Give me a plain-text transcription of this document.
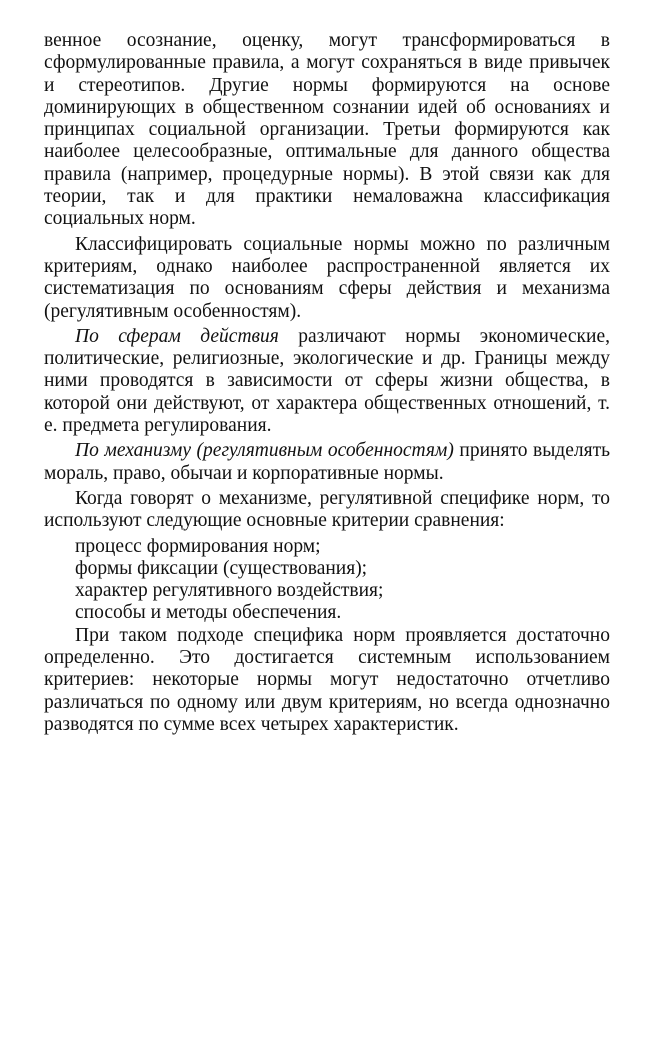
венное осознание, оценку, могут трансформироваться в сформулированные правила, а могут сохраняться в виде привычек и стереотипов. Другие нормы формируются на основе доминирующих в общественном сознании идей об основаниях и принципах социальной организации. Третьи формируются как наиболее целесообразные, оптимальные для данного общества правила (например, процедурные нормы). В этой связи как для теории, так и для практики немаловажна классификация социальных норм.

Классифицировать социальные нормы можно по различным критериям, однако наиболее распространенной является их систематизация по основаниям сферы действия и механизма (регулятивным особенностям).

По сферам действия различают нормы экономические, политические, религиозные, экологические и др. Границы между ними проводятся в зависимости от сферы жизни общества, в которой они действуют, от характера общественных отношений, т. е. предмета регулирования.

По механизму (регулятивным особенностям) принято выделять мораль, право, обычаи и корпоративные нормы.

Когда говорят о механизме, регулятивной специфике норм, то используют следующие основные критерии сравнения:

процесс формирования норм;
формы фиксации (существования);
характер регулятивного воздействия;
способы и методы обеспечения.

При таком подходе специфика норм проявляется достаточно определенно. Это достигается системным использованием критериев: некоторые нормы могут недостаточно отчетливо различаться по одному или двум критериям, но всегда однозначно разводятся по сумме всех четырех характеристик.
